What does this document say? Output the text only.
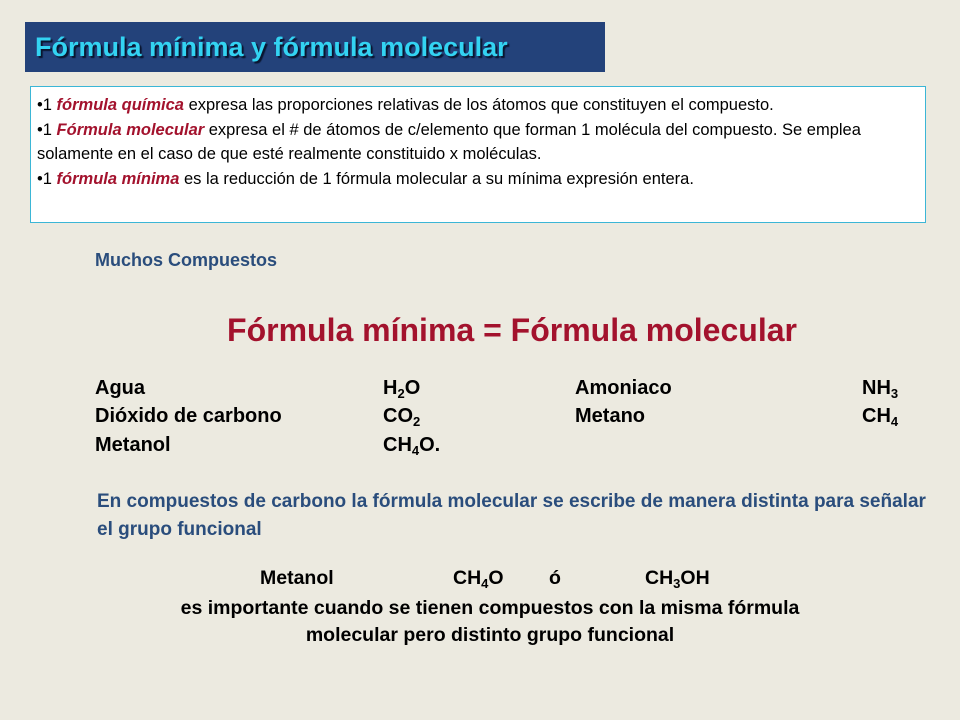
Fórmula mínima y fórmula molecular

•1 fórmula química expresa las proporciones relativas de los átomos que constituyen el compuesto.

•1 Fórmula molecular expresa el # de átomos de c/elemento que forman 1 molécula del compuesto. Se emplea solamente en el caso de que esté realmente constituido x moléculas.

•1 fórmula mínima es la reducción de 1 fórmula molecular a su mínima expresión entera.

Muchos Compuestos
Fórmula mínima = Fórmula molecular
Agua
Dióxido de carbono
Metanol
$H_2O$
$CO_2$
$CH_4O$.
Amoniaco
Metano
$NH_3$
$CH_4$
En compuestos de carbono la fórmula molecular se escribe de manera distinta para señalar el grupo funcional
Metanol	$CH_4O$ ó	$CH_3OH$
es importante cuando se tienen compuestos con la misma fórmula
molecular pero distinto grupo funcional
